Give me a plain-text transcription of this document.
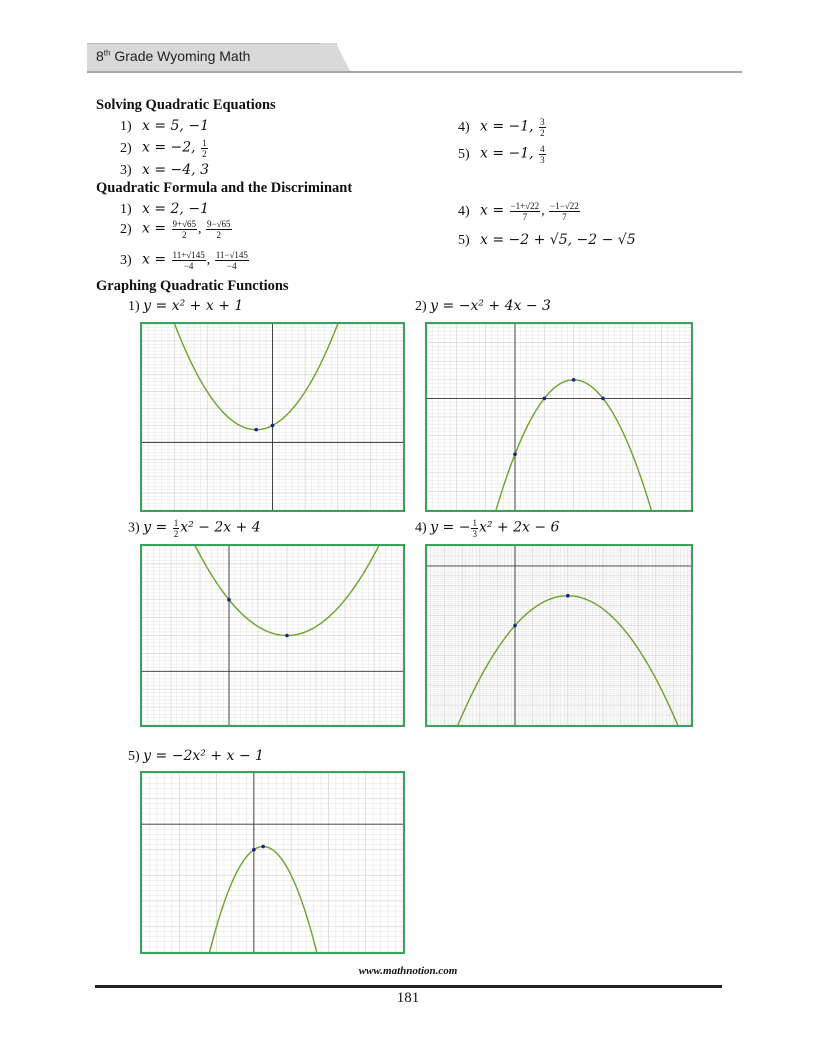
8th Grade Wyoming Math
Solving Quadratic Equations
1) x = 5, −1
2) x = −2, $\frac{1}{2}$
3) x = −4, 3
4) x = −1, $\frac{3}{2}$
5) x = −1, $\frac{4}{3}$
Quadratic Formula and the Discriminant
1) x = 2, −1
2) $x = \frac{9+√65}{2}$ , $\frac{9-√65}{2}$
3) $x = \frac{11+√145}{-4}$ , $\frac{11-√145}{-4}$
4) $x = \frac{-1+√22}{7}$ , $\frac{-1-√22}{7}$
5) x = −2 + √5, −2 − √5
Graphing Quadratic Functions
1) y = x² + x + 1	2) y = −x² + 4x − 3
3) $y = \frac{1}{2} x^2 - 2x + 4$	4) y = − $\frac{1}{3} x^2 + 2x - 6$
5) y = −2x² + x − 1
www.mathnotion.com
181
